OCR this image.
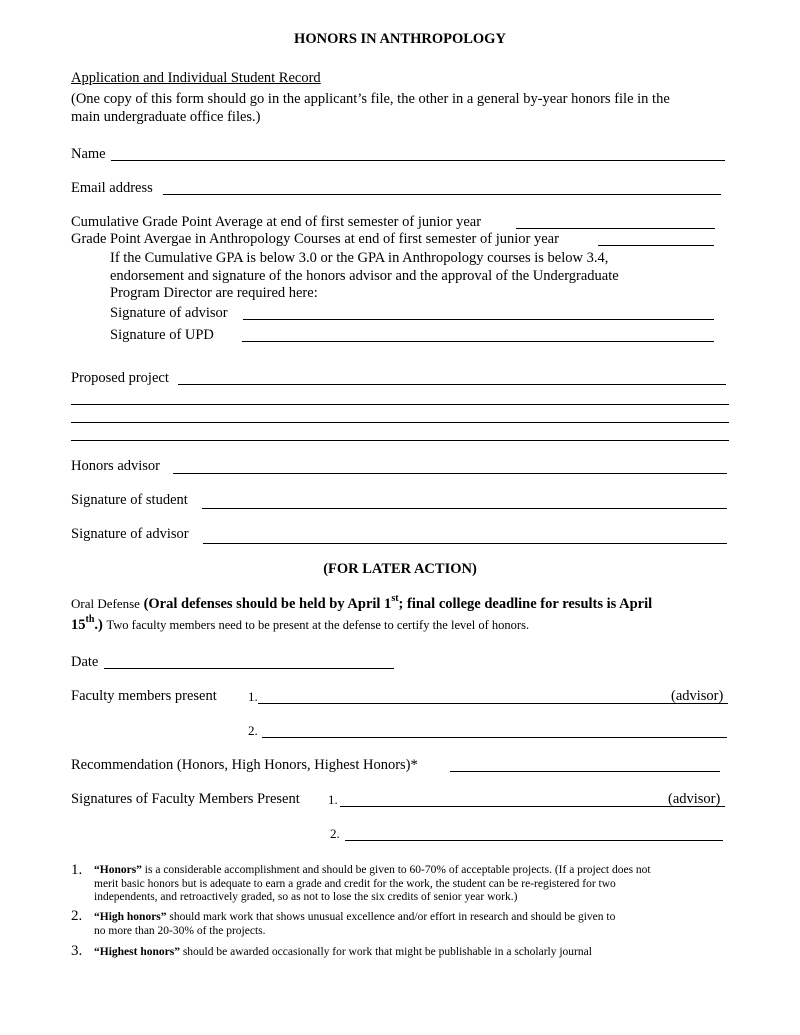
HONORS IN ANTHROPOLOGY
Application and Individual Student Record
(One copy of this form should go in the applicant’s file, the other in a general by-year honors file in the
main undergraduate office files.)
Name
Email address
Cumulative Grade Point Average at end of first semester of junior year
Grade Point Avergae in Anthropology Courses at end of first semester of junior year
If the Cumulative GPA is below 3.0 or the GPA in Anthropology courses is below 3.4,
endorsement and signature of the honors advisor and the approval of the Undergraduate
Program Director are required here:
Signature of advisor
Signature of UPD
Proposed project
Honors advisor
Signature of student
Signature of advisor
(FOR LATER ACTION)
Oral Defense (Oral defenses should be held by April 1st; final college deadline for results is April
15th.) Two faculty members need to be present at the defense to certify the level of honors.
Date
Faculty members present 1.	(advisor)
2.
Recommendation (Honors, High Honors, Highest Honors)*
Signatures of Faculty Members Present 1.	(advisor)
2.
1. “Honors” is a considerable accomplishment and should be given to 60-70% of acceptable projects. (If a project does not
merit basic honors but is adequate to earn a grade and credit for the work, the student can be re-registered for two
independents, and retroactively graded, so as not to lose the six credits of senior year work.)
2. “High honors” should mark work that shows unusual excellence and/or effort in research and should be given to
no more than 20-30% of the projects.
3. “Highest honors” should be awarded occasionally for work that might be publishable in a scholarly journal
